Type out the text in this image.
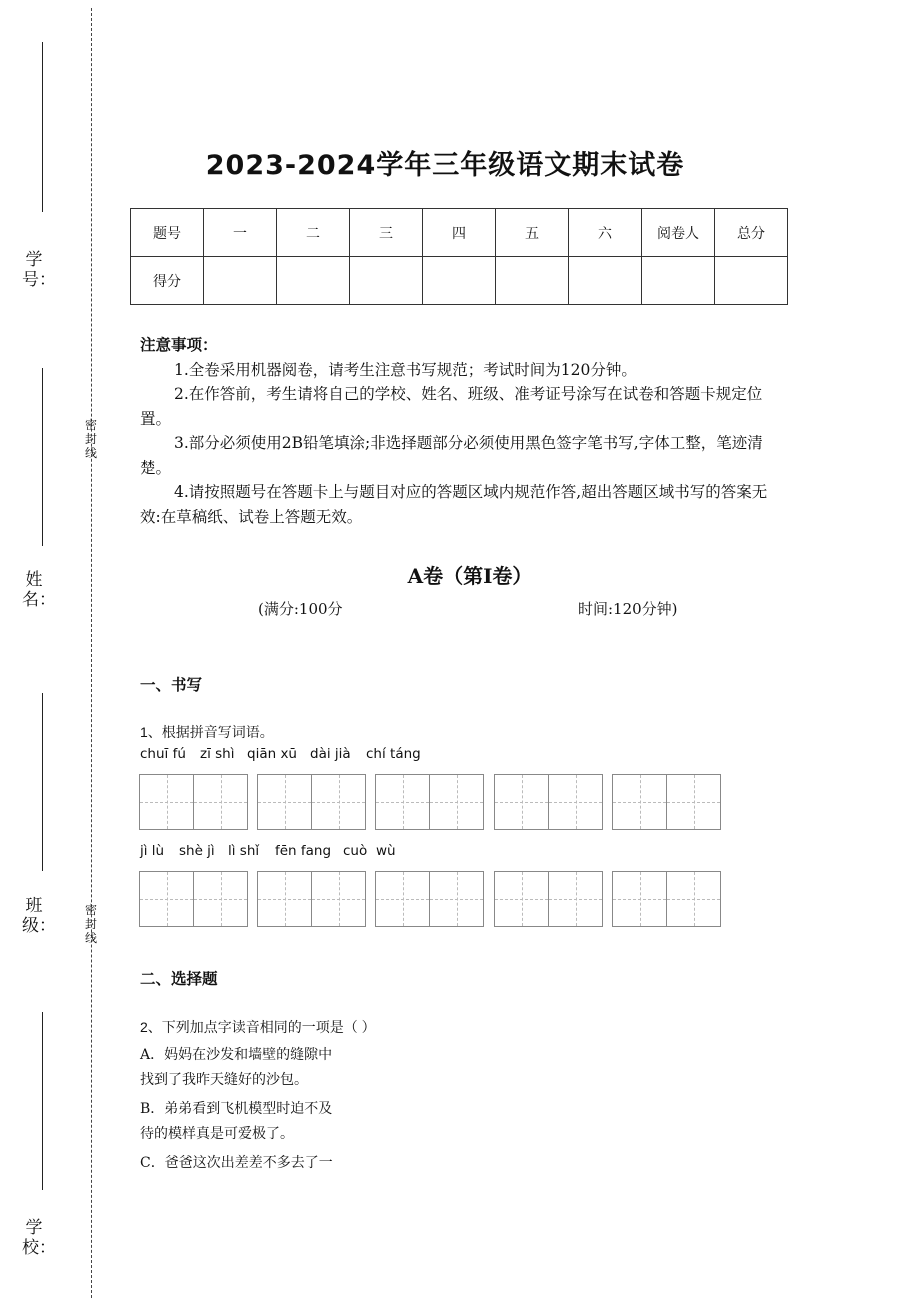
学号：
姓名：
班级：
学校：
密封线
密封线
2023-2024学年三年级语文期末试卷
题号	一	二	三	四	五	六	阅卷人	总分
得分								
注意事项：
1.全卷采用机器阅卷，请考生注意书写规范；考试时间为120分钟。
2.在作答前，考生请将自己的学校、姓名、班级、准考证号涂写在试卷和答题卡规定位置。
3.部分必须使用2B铅笔填涂;非选择题部分必须使用黑色签字笔书写,字体工整，笔迹清楚。
4.请按照题号在答题卡上与题目对应的答题区域内规范作答,超出答题区域书写的答案无效:在草稿纸、试卷上答题无效。
A卷（第Ⅰ卷）
(满分:100分	时间:120分钟)
一、书写
1、根据拼音写词语。
chuī fú zī shì qiān xū dài jià chí táng
jì lù shè jì lì shǐ fēn fang cuò wù
二、选择题
2、下列加点字读音相同的一项是（ ）
A．妈妈在沙发和墙壁的缝隙中
找到了我昨天缝好的沙包。
B．弟弟看到飞机模型时迫不及
待的模样真是可爱极了。
C．爸爸这次出差差不多去了一
